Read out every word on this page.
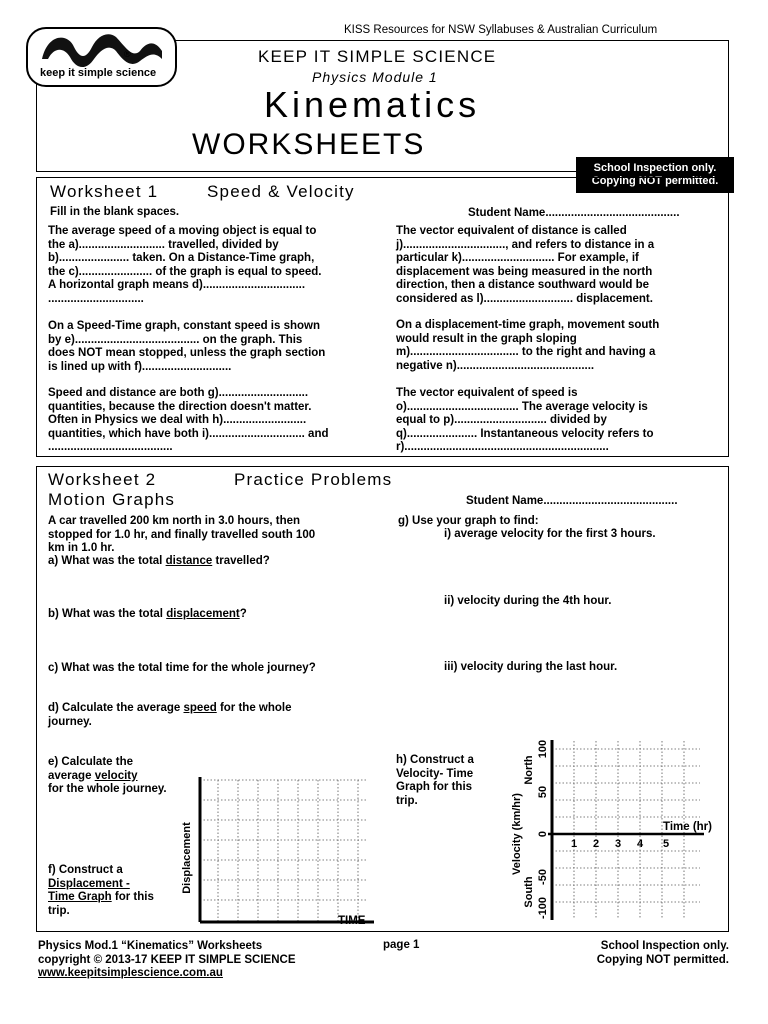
KISS Resources for NSW Syllabuses & Australian Curriculum
®
keep it simple science
KEEP IT SIMPLE SCIENCE
Physics Module 1
Kinematics
WORKSHEETS
School Inspection only.
Copying NOT permitted.
Worksheet 1	Speed & Velocity
Fill in the blank spaces.	Student Name..........................................
The average speed of a moving object is equal to
the a)........................... travelled, divided by
b)...................... taken. On a Distance-Time graph,
the c)....................... of the graph is equal to speed.
A horizontal graph means d)................................
..............................
On a Speed-Time graph, constant speed is shown
by e)....................................... on the graph. This
does NOT mean stopped, unless the graph section
is lined up with f)............................
Speed and distance are both g)............................
quantities, because the direction doesn't matter.
Often in Physics we deal with h)..........................
quantities, which have both i).............................. and
.......................................
The vector equivalent of distance is called
j)................................, and refers to distance in a
particular k)............................. For example, if
displacement was being measured in the north
direction, then a distance southward would be
considered as l)............................ displacement.
On a displacement-time graph, movement south
would result in the graph sloping
m).................................. to the right and having a
negative n)...........................................
The vector equivalent of speed is
o)................................... The average velocity is
equal to p)............................. divided by
q)...................... Instantaneous velocity refers to
r)................................................................
Worksheet 2	Practice Problems
Motion Graphs	Student Name..........................................
A car travelled 200 km north in 3.0 hours, then
stopped for 1.0 hr, and finally travelled south 100
km in 1.0 hr.
a) What was the total distance travelled?
b) What was the total displacement?
c) What was the total time for the whole journey?
d) Calculate the average speed for the whole
journey.
e) Calculate the
average velocity
for the whole journey.
f) Construct a
Displacement -
Time Graph for this
trip.
g) Use your graph to find:
i) average velocity for the first 3 hours.
ii) velocity during the 4th hour.
iii) velocity during the last hour.
h) Construct a
Velocity- Time
Graph for this
trip.
Displacement
TIME
1 2 3 4 5
100
50
0
-50
-100
North
South
Velocity (km/hr)	Time (hr)
Physics Mod.1 “Kinematics” Worksheets
copyright © 2013-17 KEEP IT SIMPLE SCIENCE
www.keepitsimplescience.com.au
page 1	School Inspection only.
Copying NOT permitted.
